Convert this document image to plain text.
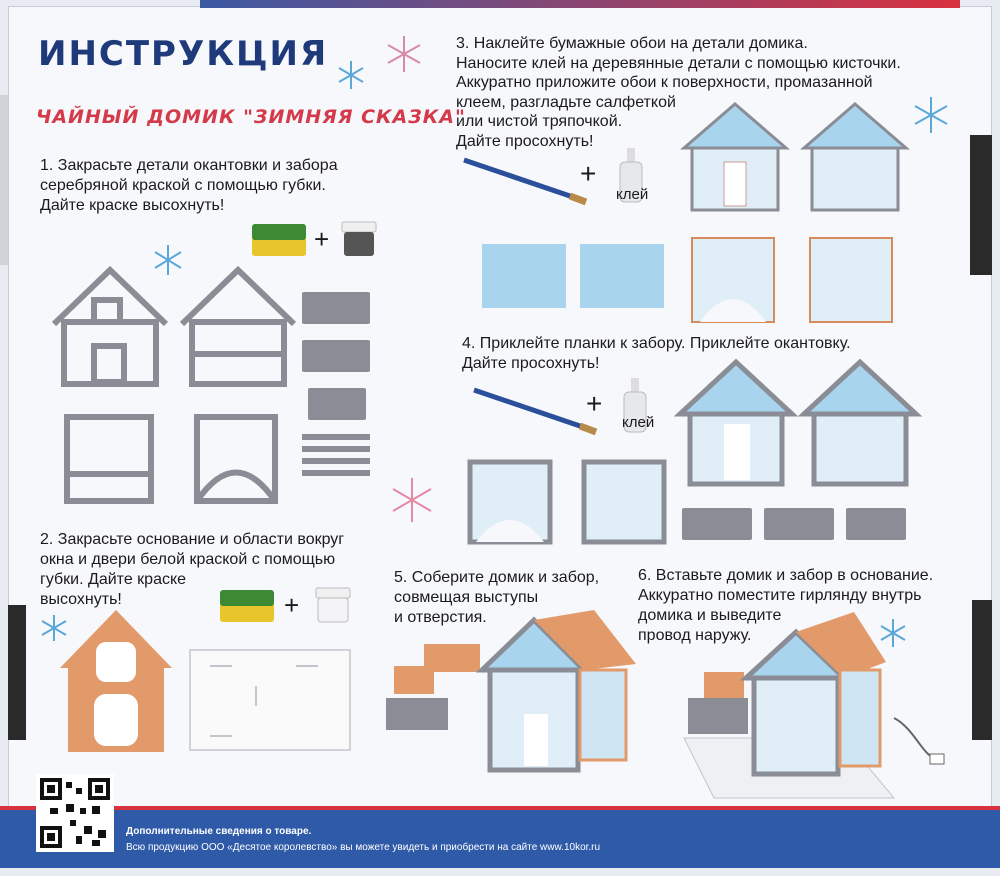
ИНСТРУКЦИЯ
ЧАЙНЫЙ ДОМИК "ЗИМНЯЯ СКАЗКА"
1. Закрасьте детали окантовки и забора
серебряной краской с помощью губки.
Дайте краске высохнуть!
2. Закрасьте основание и области вокруг
окна и двери белой краской с помощью
губки. Дайте краске
высохнуть!
3. Наклейте бумажные обои на детали домика.
Наносите клей на деревянные детали с помощью кисточки.
Аккуратно приложите обои к поверхности, промазанной
клеем, разгладьте салфеткой
или чистой тряпочкой.
Дайте просохнуть!
4. Приклейте планки к забору. Приклейте окантовку.
Дайте просохнуть!
5. Соберите домик и забор,
совмещая выступы
и отверстия.
6. Вставьте домик и забор в основание.
Аккуратно поместите гирлянду внутрь
домика и выведите
провод наружу.
+
+
+
клей
+
клей
Дополнительные сведения о товаре.
Всю продукцию ООО «Десятое королевство» вы можете увидеть и приобрести на сайте www.10kor.ru
